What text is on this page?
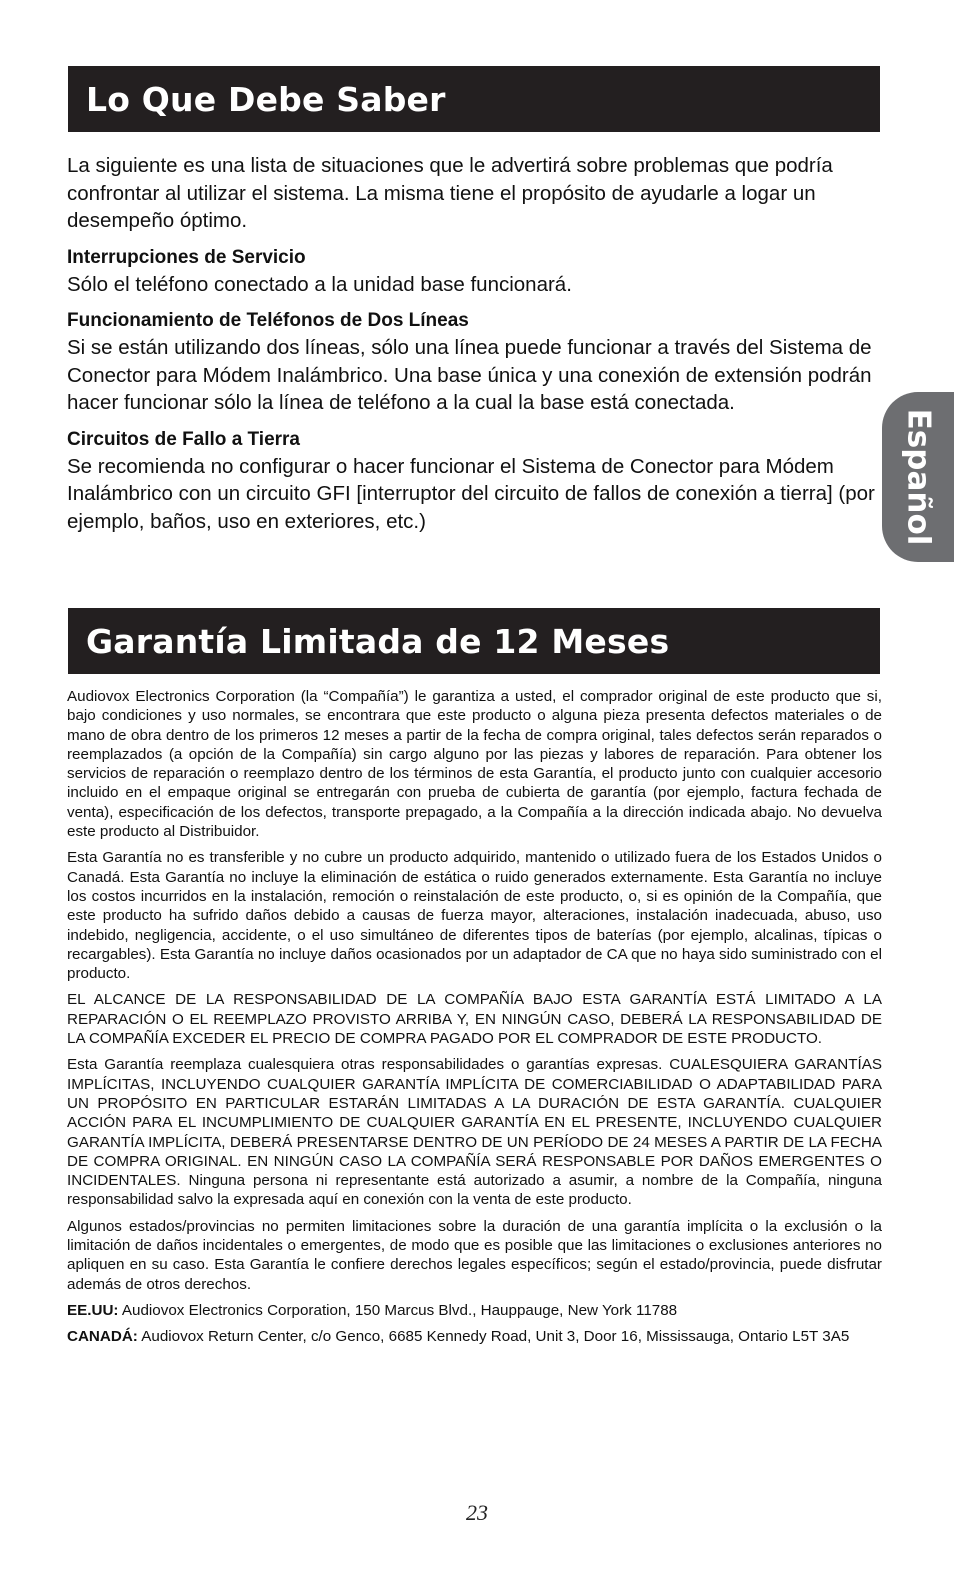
Lo Que Debe Saber

La siguiente es una lista de situaciones que le advertirá sobre problemas que podría confrontar al utilizar el sistema. La misma tiene el propósito de ayudarle a logar un desempeño óptimo.

Interrupciones de Servicio
Sólo el teléfono conectado a la unidad base funcionará.
Funcionamiento de Teléfonos de Dos Líneas
Si se están utilizando dos líneas, sólo una línea puede funcionar a través del Sistema de Conector para Módem Inalámbrico. Una base única y una conexión de extensión podrán hacer funcionar sólo la línea de teléfono a la cual la base está conectada.
Circuitos de Fallo a Tierra
Se recomienda no configurar o hacer funcionar el Sistema de Conector para Módem Inalámbrico con un circuito GFI [interruptor del circuito de fallos de conexión a tierra] (por ejemplo, baños, uso en exteriores, etc.)	Español
Garantía Limitada de 12 Meses

Audiovox Electronics Corporation (la “Compañía”) le garantiza a usted, el comprador original de este producto que si, bajo condiciones y uso normales, se encontrara que este producto o alguna pieza presenta defectos materiales o de mano de obra dentro de los primeros 12 meses a partir de la fecha de compra original, tales defectos serán reparados o reemplazados (a opción de la Compañía) sin cargo alguno por las piezas y labores de reparación. Para obtener los servicios de reparación o reemplazo dentro de los términos de esta Garantía, el producto junto con cualquier accesorio incluido en el empaque original se entregarán con prueba de cubierta de garantía (por ejemplo, factura fechada de venta), especificación de los defectos, transporte prepagado, a la Compañía a la dirección indicada abajo. No devuelva este producto al Distribuidor.

Esta Garantía no es transferible y no cubre un producto adquirido, mantenido o utilizado fuera de los Estados Unidos o Canadá. Esta Garantía no incluye la eliminación de estática o ruido generados externamente. Esta Garantía no incluye los costos incurridos en la instalación, remoción o reinstalación de este producto, o, si es opinión de la Compañía, que este producto ha sufrido daños debido a causas de fuerza mayor, alteraciones, instalación inadecuada, abuso, uso indebido, negligencia, accidente, o el uso simultáneo de diferentes tipos de baterías (por ejemplo, alcalinas, típicas o recargables). Esta Garantía no incluye daños ocasionados por un adaptador de CA que no haya sido suministrado con el producto.

EL ALCANCE DE LA RESPONSABILIDAD DE LA COMPAÑÍA BAJO ESTA GARANTÍA ESTÁ LIMITADO A LA REPARACIÓN O EL REEMPLAZO PROVISTO ARRIBA Y, EN NINGÚN CASO, DEBERÁ LA RESPONSABILIDAD DE LA COMPAÑÍA EXCEDER EL PRECIO DE COMPRA PAGADO POR EL COMPRADOR DE ESTE PRODUCTO.

Esta Garantía reemplaza cualesquiera otras responsabilidades o garantías expresas. CUALESQUIERA GARANTÍAS IMPLÍCITAS, INCLUYENDO CUALQUIER GARANTÍA IMPLÍCITA DE COMERCIABILIDAD O ADAPTABILIDAD PARA UN PROPÓSITO EN PARTICULAR ESTARÁN LIMITADAS A LA DURACIÓN DE ESTA GARANTÍA. CUALQUIER ACCIÓN PARA EL INCUMPLIMIENTO DE CUALQUIER GARANTÍA EN EL PRESENTE, INCLUYENDO CUALQUIER GARANTÍA IMPLÍCITA, DEBERÁ PRESENTARSE DENTRO DE UN PERÍODO DE 24 MESES A PARTIR DE LA FECHA DE COMPRA ORIGINAL. EN NINGÚN CASO LA COMPAÑÍA SERÁ RESPONSABLE POR DAÑOS EMERGENTES O INCIDENTALES. Ninguna persona ni representante está autorizado a asumir, a nombre de la Compañía, ninguna responsabilidad salvo la expresada aquí en conexión con la venta de este producto.

Algunos estados/provincias no permiten limitaciones sobre la duración de una garantía implícita o la exclusión o la limitación de daños incidentales o emergentes, de modo que es posible que las limitaciones o exclusiones anteriores no apliquen en su caso. Esta Garantía le confiere derechos legales específicos; según el estado/provincia, puede disfrutar además de otros derechos.

EE.UU: Audiovox Electronics Corporation, 150 Marcus Blvd., Hauppauge, New York 11788

CANADÁ: Audiovox Return Center, c/o Genco, 6685 Kennedy Road, Unit 3, Door 16, Mississauga, Ontario L5T 3A5

23
